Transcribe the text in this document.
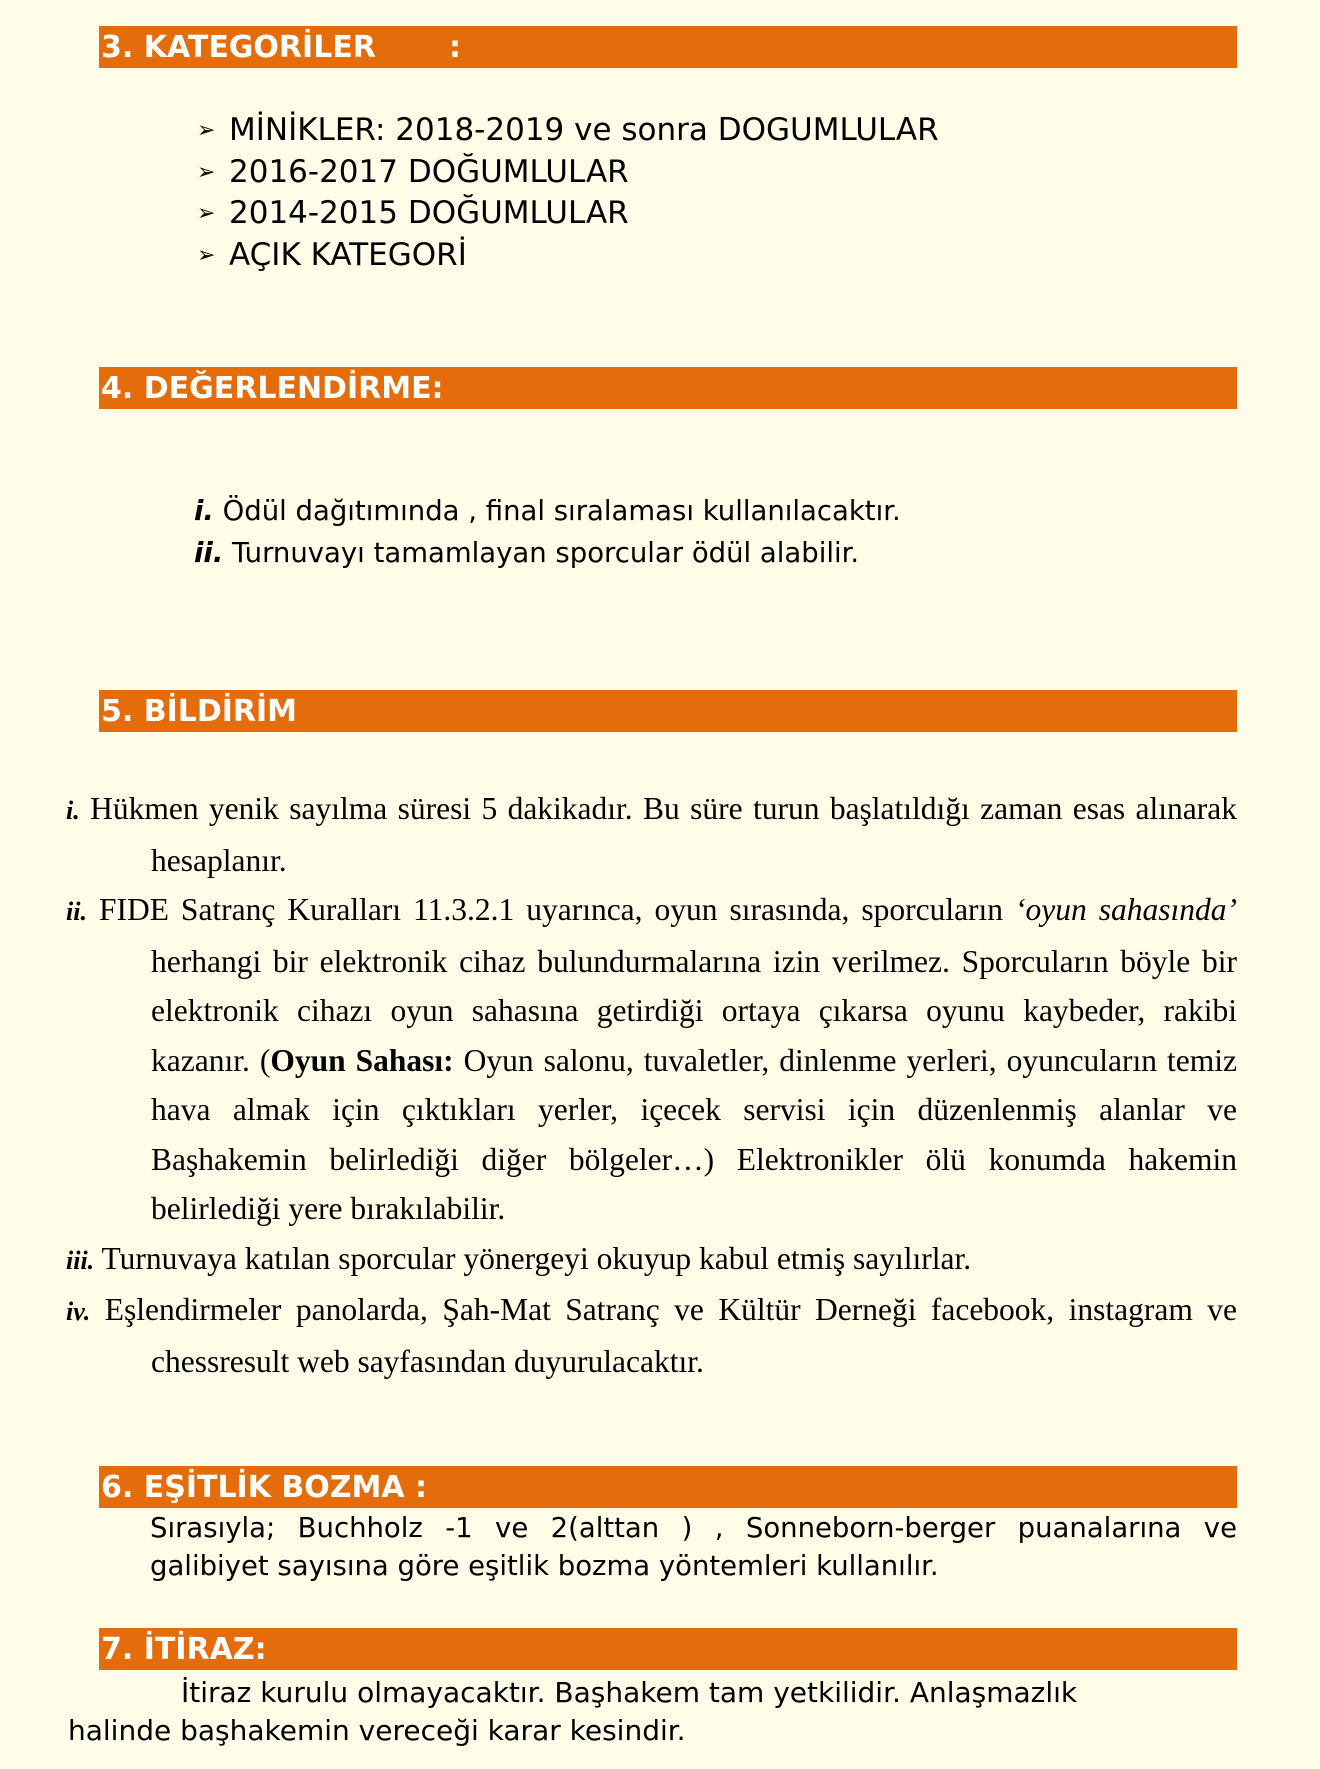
3. KATEGORİLER       :
➢ MİNİKLER: 2018-2019 ve sonra DOGUMLULAR
➢ 2016-2017 DOĞUMLULAR
➢ 2014-2015 DOĞUMLULAR
➢ AÇIK KATEGORİ
4. DEĞERLENDİRME:
i. Ödül dağıtımında , final sıralaması kullanılacaktır.
ii. Turnuvayı tamamlayan sporcular ödül alabilir.
5. BİLDİRİM
i. Hükmen yenik sayılma süresi 5 dakikadır. Bu süre turun başlatıldığı zaman esas alınarak hesaplanır.
ii. FIDE Satranç Kuralları 11.3.2.1 uyarınca, oyun sırasında, sporcuların ‘oyun sahasında’ herhangi bir elektronik cihaz bulundurmalarına izin verilmez. Sporcuların böyle bir elektronik cihazı oyun sahasına getirdiği ortaya çıkarsa oyunu kaybeder, rakibi kazanır. (Oyun Sahası: Oyun salonu, tuvaletler, dinlenme yerleri, oyuncuların temiz hava almak için çıktıkları yerler, içecek servisi için düzenlenmiş alanlar ve Başhakemin belirlediği diğer bölgeler…) Elektronikler ölü konumda hakemin belirlediği yere bırakılabilir.
iii. Turnuvaya katılan sporcular yönergeyi okuyup kabul etmiş sayılırlar.
iv. Eşlendirmeler panolarda, Şah-Mat Satranç ve Kültür Derneği facebook, instagram ve chessresult web sayfasından duyurulacaktır.
6. EŞİTLİK BOZMA :
Sırasıyla; Buchholz -1 ve 2(alttan ) , Sonneborn-berger puanalarına ve galibiyet sayısına göre eşitlik bozma yöntemleri kullanılır.
7. İTİRAZ:
İtiraz kurulu olmayacaktır. Başhakem tam yetkilidir. Anlaşmazlık
halinde başhakemin vereceği karar kesindir.
